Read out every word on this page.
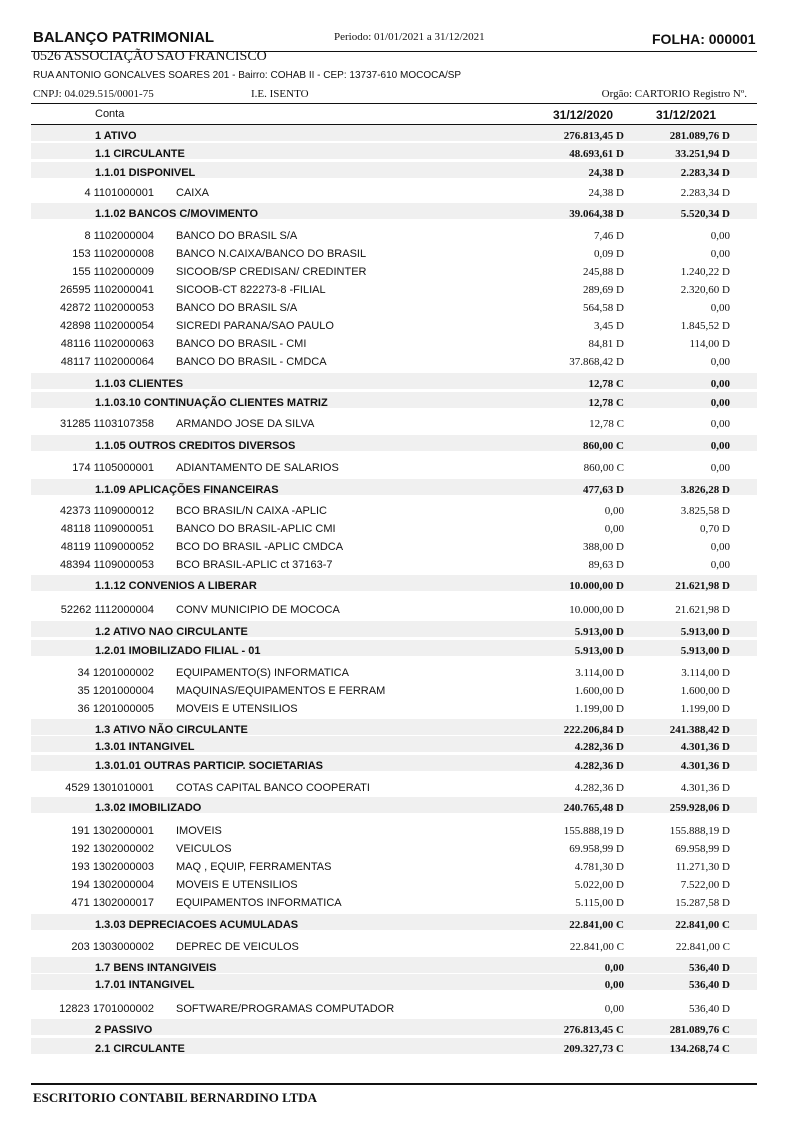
BALANÇO PATRIMONIAL	Periodo: 01/01/2021 a 31/12/2021	FOLHA: 000001
0526 ASSOCIAÇÃO SAO FRANCISCO
RUA ANTONIO GONCALVES SOARES 201 - Bairro: COHAB II - CEP: 13737-610 MOCOCA/SP
CNPJ: 04.029.515/0001-75	I.E. ISENTO	Orgão: CARTORIO Registro Nº.
Conta	31/12/2020	31/12/2021
1 ATIVO	276.813,45 D	281.089,76 D
1.1 CIRCULANTE	48.693,61 D	33.251,94 D
1.1.01 DISPONIVEL	24,38 D	2.283,34 D
4 1101000001 CAIXA	24,38 D	2.283,34 D
1.1.02 BANCOS C/MOVIMENTO	39.064,38 D	5.520,34 D
8 1102000004 BANCO DO BRASIL S/A	7,46 D	0,00
153 1102000008 BANCO N.CAIXA/BANCO DO BRASIL	0,09 D	0,00
155 1102000009 SICOOB/SP CREDISAN/ CREDINTER	245,88 D	1.240,22 D
26595 1102000041 SICOOB-CT 822273-8 -FILIAL	289,69 D	2.320,60 D
42872 1102000053 BANCO DO BRASIL S/A	564,58 D	0,00
42898 1102000054 SICREDI PARANA/SAO PAULO	3,45 D	1.845,52 D
48116 1102000063 BANCO DO BRASIL - CMI	84,81 D	114,00 D
48117 1102000064 BANCO DO BRASIL - CMDCA	37.868,42 D	0,00
1.1.03 CLIENTES	12,78 C	0,00
1.1.03.10 CONTINUAÇÃO CLIENTES MATRIZ	12,78 C	0,00
31285 1103107358 ARMANDO JOSE DA SILVA	12,78 C	0,00
1.1.05 OUTROS CREDITOS DIVERSOS	860,00 C	0,00
174 1105000001 ADIANTAMENTO DE SALARIOS	860,00 C	0,00
1.1.09 APLICAÇÕES FINANCEIRAS	477,63 D	3.826,28 D
42373 1109000012 BCO BRASIL/N CAIXA -APLIC	0,00	3.825,58 D
48118 1109000051 BANCO DO BRASIL-APLIC CMI	0,00	0,70 D
48119 1109000052 BCO DO BRASIL -APLIC CMDCA	388,00 D	0,00
48394 1109000053 BCO BRASIL-APLIC ct 37163-7	89,63 D	0,00
1.1.12 CONVENIOS A LIBERAR	10.000,00 D	21.621,98 D
52262 1112000004 CONV MUNICIPIO DE MOCOCA	10.000,00 D	21.621,98 D
1.2 ATIVO NAO CIRCULANTE	5.913,00 D	5.913,00 D
1.2.01 IMOBILIZADO FILIAL - 01	5.913,00 D	5.913,00 D
34 1201000002 EQUIPAMENTO(S) INFORMATICA	3.114,00 D	3.114,00 D
35 1201000004 MAQUINAS/EQUIPAMENTOS E FERRAM	1.600,00 D	1.600,00 D
36 1201000005 MOVEIS E UTENSILIOS	1.199,00 D	1.199,00 D
1.3 ATIVO NÃO CIRCULANTE	222.206,84 D	241.388,42 D
1.3.01 INTANGIVEL	4.282,36 D	4.301,36 D
1.3.01.01 OUTRAS PARTICIP. SOCIETARIAS	4.282,36 D	4.301,36 D
4529 1301010001 COTAS CAPITAL BANCO COOPERATI	4.282,36 D	4.301,36 D
1.3.02 IMOBILIZADO	240.765,48 D	259.928,06 D
191 1302000001 IMOVEIS	155.888,19 D	155.888,19 D
192 1302000002 VEICULOS	69.958,99 D	69.958,99 D
193 1302000003 MAQ , EQUIP, FERRAMENTAS	4.781,30 D	11.271,30 D
194 1302000004 MOVEIS E UTENSILIOS	5.022,00 D	7.522,00 D
471 1302000017 EQUIPAMENTOS INFORMATICA	5.115,00 D	15.287,58 D
1.3.03 DEPRECIACOES ACUMULADAS	22.841,00 C	22.841,00 C
203 1303000002 DEPREC DE VEICULOS	22.841,00 C	22.841,00 C
1.7 BENS INTANGIVEIS	0,00	536,40 D
1.7.01 INTANGIVEL	0,00	536,40 D
12823 1701000002 SOFTWARE/PROGRAMAS COMPUTADOR	0,00	536,40 D
2 PASSIVO	276.813,45 C	281.089,76 C
2.1 CIRCULANTE	209.327,73 C	134.268,74 C
ESCRITORIO CONTABIL BERNARDINO LTDA
